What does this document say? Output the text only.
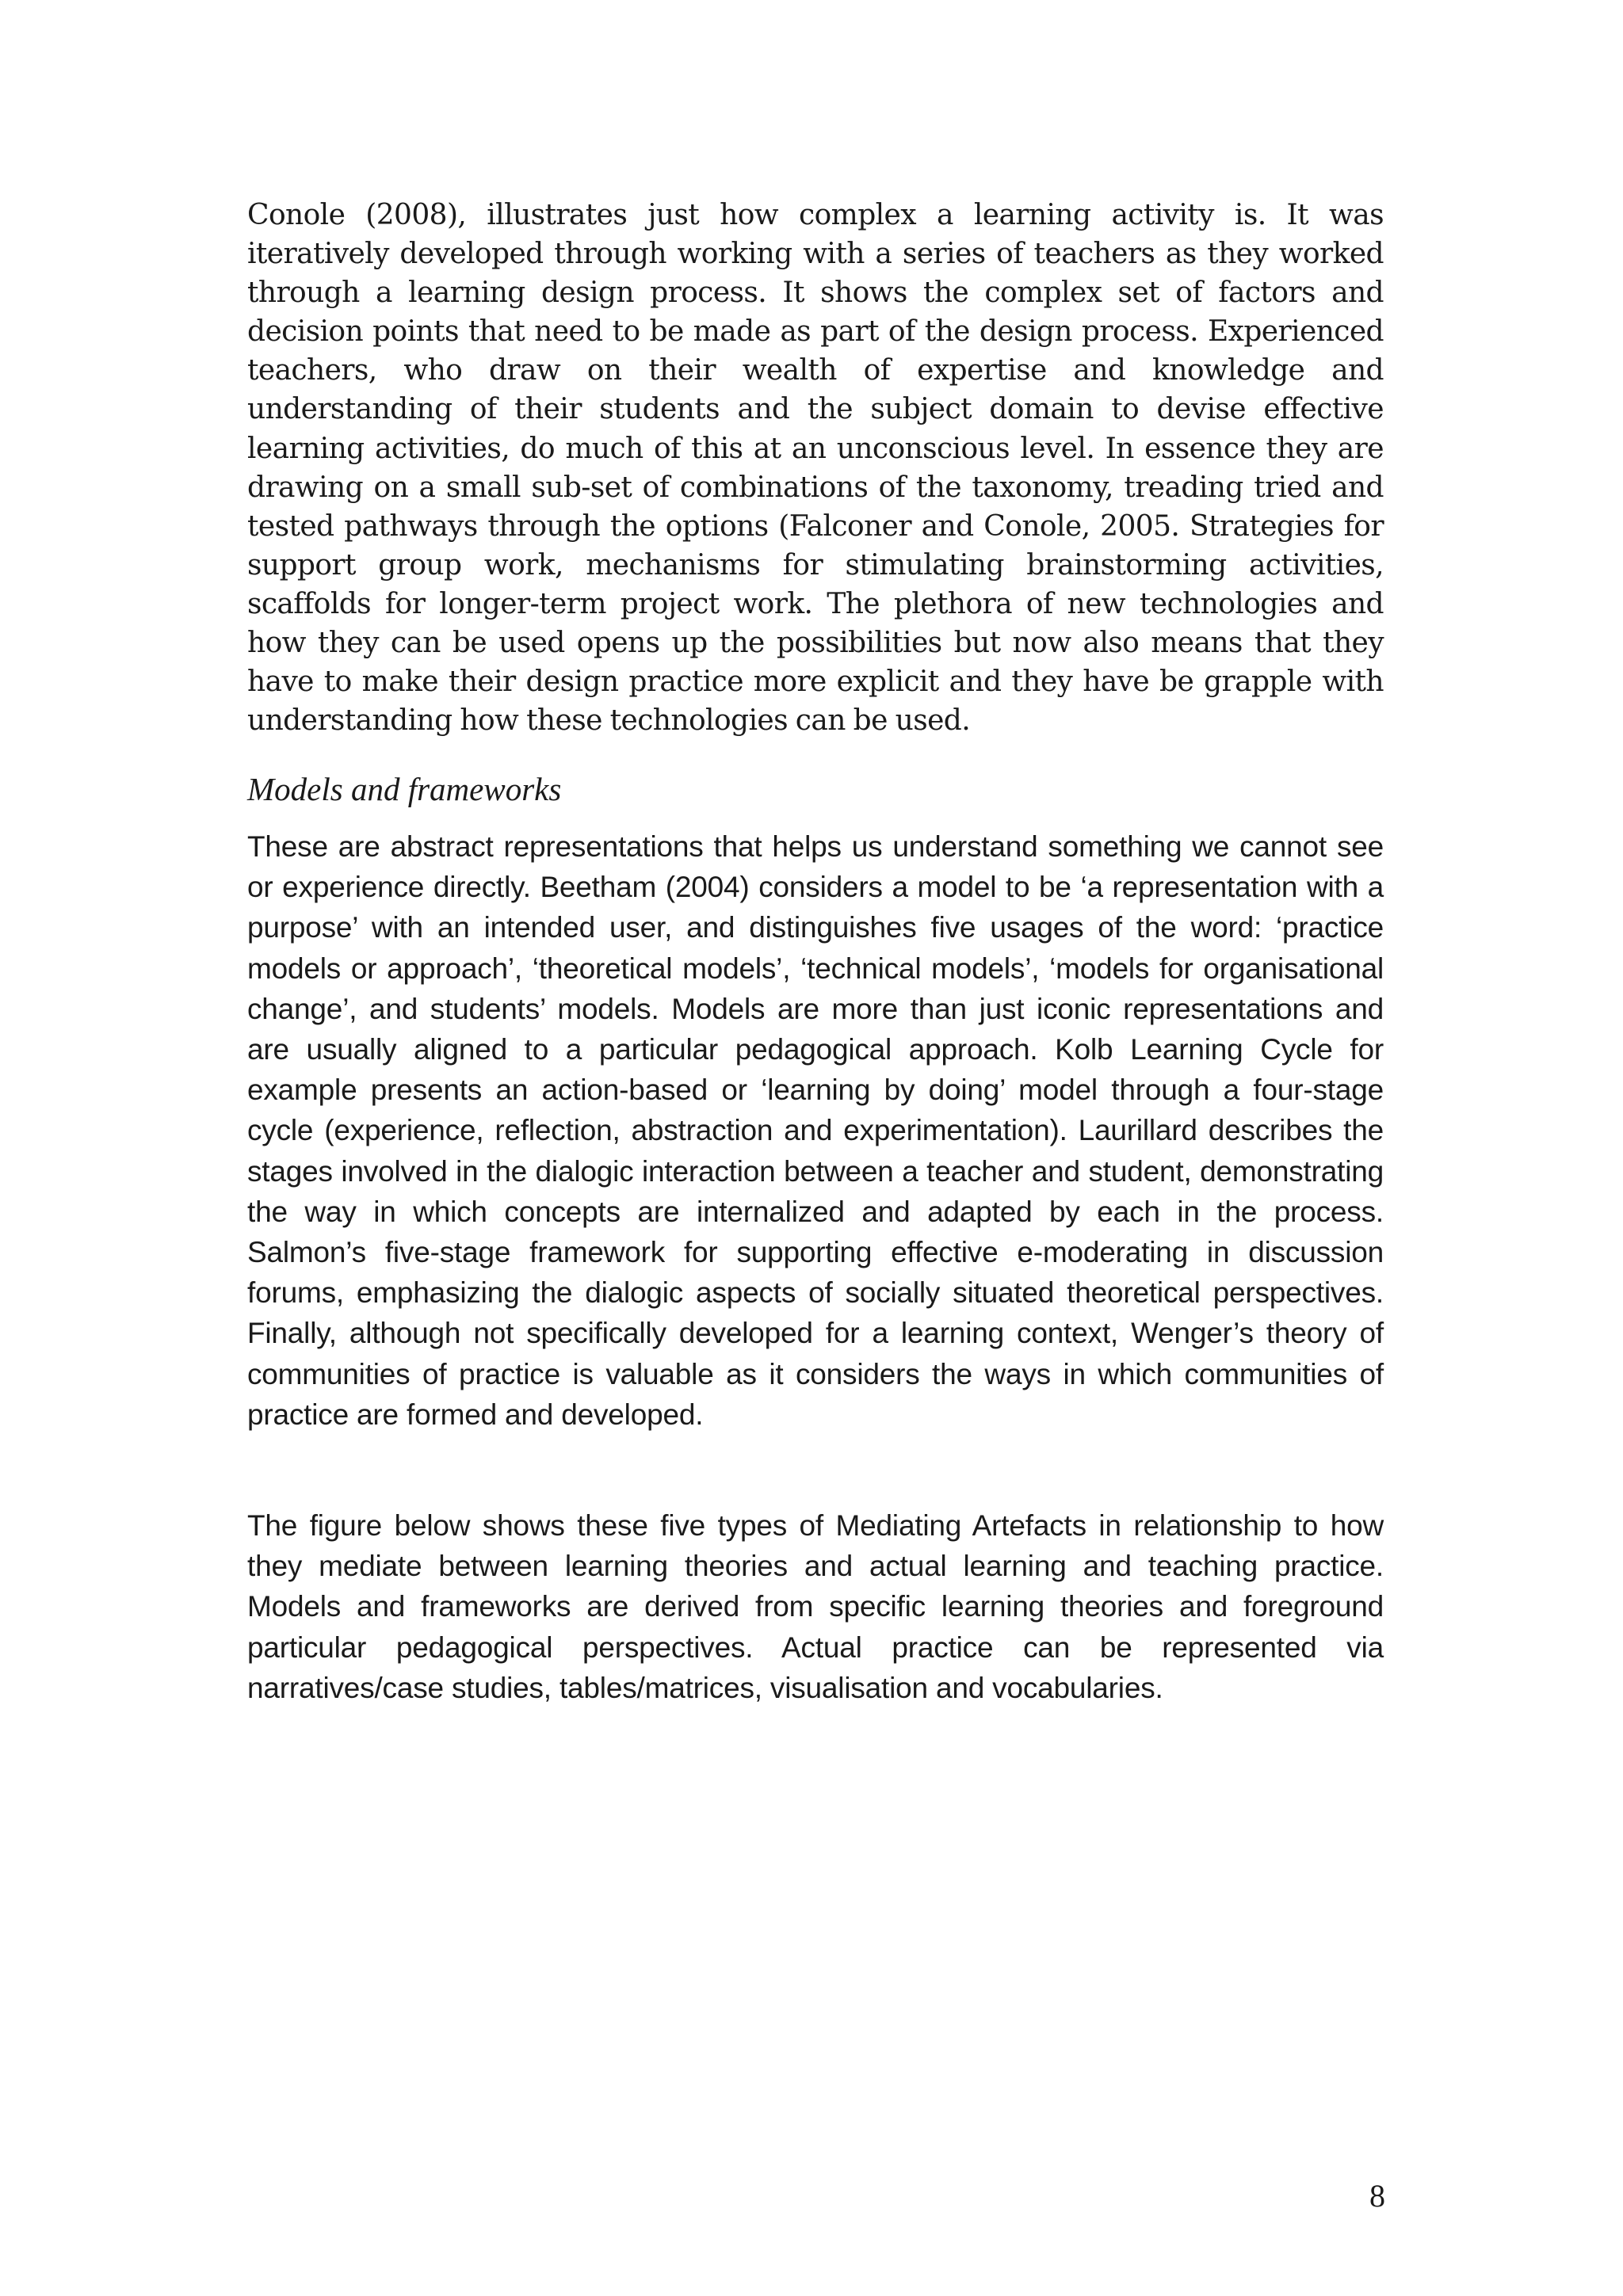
Conole (2008), illustrates just how complex a learning activity is. It was iteratively developed through working with a series of teachers as they worked through a learning design process. It shows the complex set of factors and decision points that need to be made as part of the design process. Experienced teachers, who draw on their wealth of expertise and knowledge and understanding of their students and the subject domain to devise effective learning activities, do much of this at an unconscious level. In essence they are drawing on a small sub-set of combinations of the taxonomy, treading tried and tested pathways through the options (Falconer and Conole, 2005. Strategies for support group work, mechanisms for stimulating brainstorming activities, scaffolds for longer-term project work. The plethora of new technologies and how they can be used opens up the possibilities but now also means that they have to make their design practice more explicit and they have be grapple with understanding how these technologies can be used.

Models and frameworks

These are abstract representations that helps us understand something we cannot see or experience directly. Beetham (2004) considers a model to be ‘a representation with a purpose’ with an intended user, and distinguishes five usages of the word: ‘practice models or approach’, ‘theoretical models’, ‘technical models’, ‘models for organisational change’, and students’ models. Models are more than just iconic representations and are usually aligned to a particular pedagogical approach. Kolb Learning Cycle for example presents an action-based or ‘learning by doing’ model through a four-stage cycle (experience, reflection, abstraction and experimentation). Laurillard describes the stages involved in the dialogic interaction between a teacher and student, demonstrating the way in which concepts are internalized and adapted by each in the process. Salmon’s five-stage framework for supporting effective e-moderating in discussion forums, emphasizing the dialogic aspects of socially situated theoretical perspectives. Finally, although not specifically developed for a learning context, Wenger’s theory of communities of practice is valuable as it considers the ways in which communities of practice are formed and developed.

The figure below shows these five types of Mediating Artefacts in relationship to how they mediate between learning theories and actual learning and teaching practice. Models and frameworks are derived from specific learning theories and foreground particular pedagogical perspectives. Actual practice can be represented via narratives/case studies, tables/matrices, visualisation and vocabularies.

8
